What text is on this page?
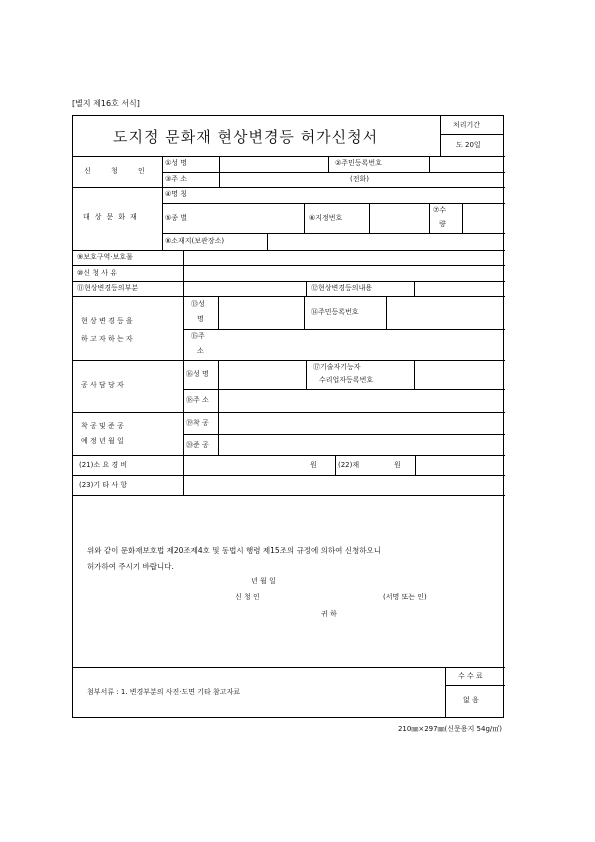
[별지 제16호 서식]
도지정 문화재 현상변경등 허가신청서
처리기간
도 20일
신 청 인
①성 명	②주민등록번호
③주 소	(전화)
대상문화재
④명 칭
⑤종 별	⑥지정번호
⑦수
량
⑧소재지(보관장소)
⑨보호구역·보호물
⑩신 청 사 유
⑪현상변경등의부분	⑫현상변경등의내용
현 상 변 경 등 을
하 고 자 하 는 자
⑬성
명
⑭주민등록번호
⑮주
소
공 사 담 당 자
⑯성 명
⑰기술자기능자
수리업자등록번호
⑱주 소
착 공 및 준 공
예 정 년 월 일
⑲착 공
⑳준 공
(21)소 요 경 비	원	(22)재	원
(23)기 타 사 항
위와 같이 문화재보호법 제20조제4호 및 동법시 행령 제15조의 규정에 의하여 신청하오니
허가하여 주시기 바랍니다.
년 월 일
신 청 인	(서명 또는 인)
귀 하
첨부서류 : 1. 변경부분의 사진·도면 기타 참고자료
수 수 료
없 음
210㎜×297㎜(신문용지 54g/㎡)
